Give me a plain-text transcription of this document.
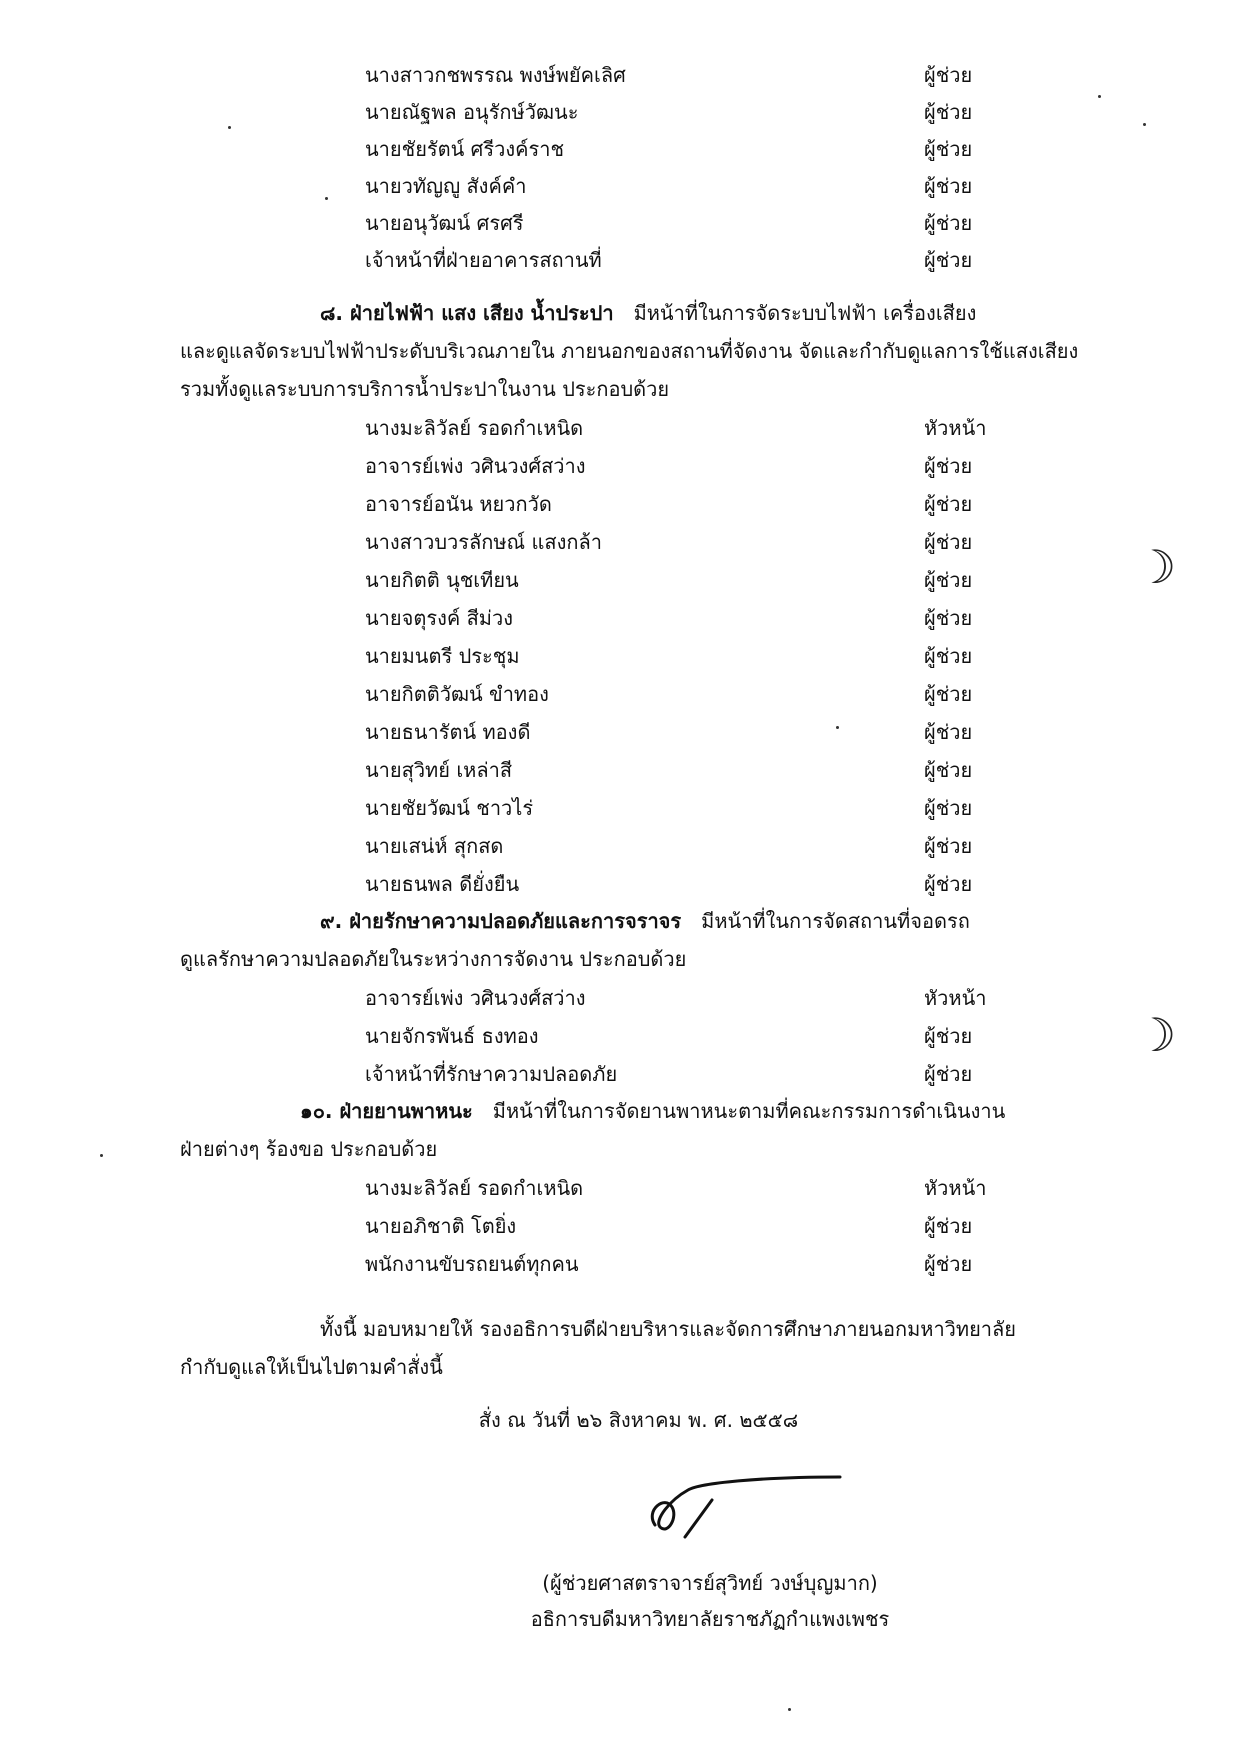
นางสาวกชพรรณ พงษ์พยัคเลิศ	ผู้ช่วย
นายณัฐพล อนุรักษ์วัฒนะ	ผู้ช่วย
นายชัยรัตน์ ศรีวงค์ราช	ผู้ช่วย
นายวทัญญู สังค์คำ	ผู้ช่วย
นายอนุวัฒน์ ศรศรี	ผู้ช่วย
เจ้าหน้าที่ฝ่ายอาคารสถานที่	ผู้ช่วย
๘. ฝ่ายไฟฟ้า แสง เสียง น้ำประปา มีหน้าที่ในการจัดระบบไฟฟ้า เครื่องเสียง
และดูแลจัดระบบไฟฟ้าประดับบริเวณภายใน ภายนอกของสถานที่จัดงาน จัดและกำกับดูแลการใช้แสงเสียง
รวมทั้งดูแลระบบการบริการน้ำประปาในงาน ประกอบด้วย
นางมะลิวัลย์ รอดกำเหนิด	หัวหน้า
อาจารย์เพ่ง วศินวงศ์สว่าง	ผู้ช่วย
อาจารย์อนัน หยวกวัด	ผู้ช่วย
นางสาวบวรลักษณ์ แสงกล้า	ผู้ช่วย
นายกิตติ นุชเทียน	ผู้ช่วย
นายจตุรงค์ สีม่วง	ผู้ช่วย
นายมนตรี ประชุม	ผู้ช่วย
นายกิตติวัฒน์ ขำทอง	ผู้ช่วย
นายธนารัตน์ ทองดี	ผู้ช่วย
นายสุวิทย์ เหล่าสี	ผู้ช่วย
นายชัยวัฒน์ ชาวไร่	ผู้ช่วย
นายเสน่ห์ สุกสด	ผู้ช่วย
นายธนพล ดียั่งยืน	ผู้ช่วย
๙. ฝ่ายรักษาความปลอดภัยและการจราจร มีหน้าที่ในการจัดสถานที่จอดรถ
ดูแลรักษาความปลอดภัยในระหว่างการจัดงาน ประกอบด้วย
อาจารย์เพ่ง วศินวงศ์สว่าง	หัวหน้า
นายจักรพันธ์ ธงทอง	ผู้ช่วย
เจ้าหน้าที่รักษาความปลอดภัย	ผู้ช่วย
๑๐. ฝ่ายยานพาหนะ มีหน้าที่ในการจัดยานพาหนะตามที่คณะกรรมการดำเนินงาน
ฝ่ายต่างๆ ร้องขอ ประกอบด้วย
นางมะลิวัลย์ รอดกำเหนิด	หัวหน้า
นายอภิชาติ โตยิ่ง	ผู้ช่วย
พนักงานขับรถยนต์ทุกคน	ผู้ช่วย
ทั้งนี้ มอบหมายให้ รองอธิการบดีฝ่ายบริหารและจัดการศึกษาภายนอกมหาวิทยาลัย
กำกับดูแลให้เป็นไปตามคำสั่งนี้
สั่ง ณ วันที่ ๒๖ สิงหาคม พ. ศ. ๒๕๕๘
(ผู้ช่วยศาสตราจารย์สุวิทย์ วงษ์บุญมาก)
อธิการบดีมหาวิทยาลัยราชภัฏกำแพงเพชร
☽
☽
